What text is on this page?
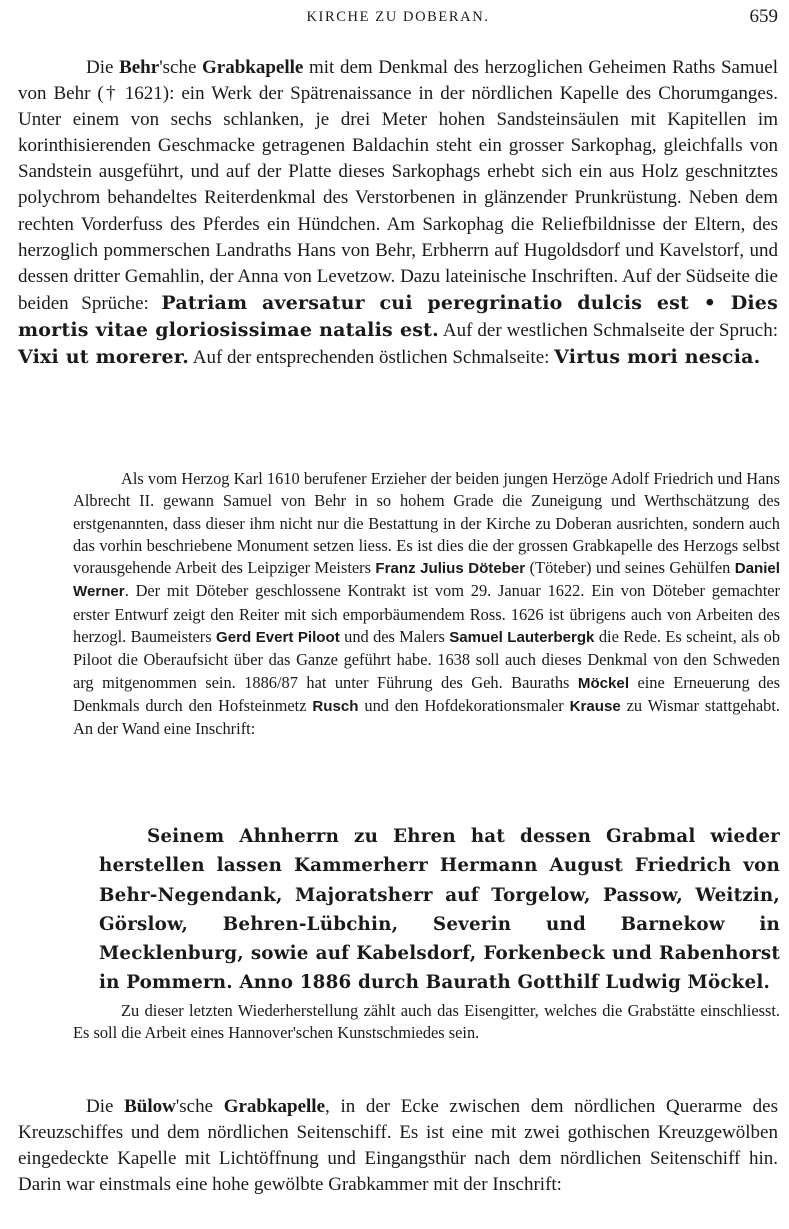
KIRCHE ZU DOBERAN.	659

Die Behr'sche Grabkapelle mit dem Denkmal des herzoglichen Geheimen Raths Samuel von Behr († 1621): ein Werk der Spätrenaissance in der nördlichen Kapelle des Chorumganges. Unter einem von sechs schlanken, je drei Meter hohen Sandsteinsäulen mit Kapitellen im korinthisierenden Geschmacke getragenen Baldachin steht ein grosser Sarkophag, gleichfalls von Sandstein ausgeführt, und auf der Platte dieses Sarkophags erhebt sich ein aus Holz geschnitztes polychrom behandeltes Reiterdenkmal des Verstorbenen in glänzender Prunkrüstung. Neben dem rechten Vorderfuss des Pferdes ein Hündchen. Am Sarkophag die Reliefbildnisse der Eltern, des herzoglich pommerschen Landraths Hans von Behr, Erbherrn auf Hugoldsdorf und Kavelstorf, und dessen dritter Gemahlin, der Anna von Levetzow. Dazu lateinische Inschriften. Auf der Südseite die beiden Sprüche: Patriam aversatur cui peregrinatio dulcis est • Dies mortis vitae gloriosissimae natalis est. Auf der westlichen Schmalseite der Spruch: Vixi ut morerer. Auf der entsprechenden östlichen Schmalseite: Virtus mori nescia.

Als vom Herzog Karl 1610 berufener Erzieher der beiden jungen Herzöge Adolf Friedrich und Hans Albrecht II. gewann Samuel von Behr in so hohem Grade die Zuneigung und Werthschätzung des erstgenannten, dass dieser ihm nicht nur die Bestattung in der Kirche zu Doberan ausrichten, sondern auch das vorhin beschriebene Monument setzen liess. Es ist dies die der grossen Grabkapelle des Herzogs selbst vorausgehende Arbeit des Leipziger Meisters Franz Julius Döteber (Töteber) und seines Gehülfen Daniel Werner. Der mit Döteber geschlossene Kontrakt ist vom 29. Januar 1622. Ein von Döteber gemachter erster Entwurf zeigt den Reiter mit sich emporbäumendem Ross. 1626 ist übrigens auch von Arbeiten des herzogl. Baumeisters Gerd Evert Piloot und des Malers Samuel Lauterbergk die Rede. Es scheint, als ob Piloot die Oberaufsicht über das Ganze geführt habe. 1638 soll auch dieses Denkmal von den Schweden arg mitgenommen sein. 1886/87 hat unter Führung des Geh. Bauraths Möckel eine Erneuerung des Denkmals durch den Hofsteinmetz Rusch und den Hofdekorationsmaler Krause zu Wismar stattgehabt. An der Wand eine Inschrift:

Seinem Ahnherrn zu Ehren hat dessen Grabmal wieder herstellen lassen Kammerherr Hermann August Friedrich von Behr-Negendank, Majoratsherr auf Torgelow, Passow, Weitzin, Görslow, Behren-Lübchin, Severin und Barnekow in Mecklenburg, sowie auf Kabelsdorf, Forkenbeck und Rabenhorst in Pommern. Anno 1886 durch Baurath Gotthilf Ludwig Möckel.

Zu dieser letzten Wiederherstellung zählt auch das Eisengitter, welches die Grabstätte einschliesst. Es soll die Arbeit eines Hannover'schen Kunstschmiedes sein.

Die Bülow'sche Grabkapelle, in der Ecke zwischen dem nördlichen Querarme des Kreuzschiffes und dem nördlichen Seitenschiff. Es ist eine mit zwei gothischen Kreuzgewölben eingedeckte Kapelle mit Lichtöffnung und Eingangsthür nach dem nördlichen Seitenschiff hin. Darin war einstmals eine hohe gewölbte Grabkammer mit der Inschrift:
